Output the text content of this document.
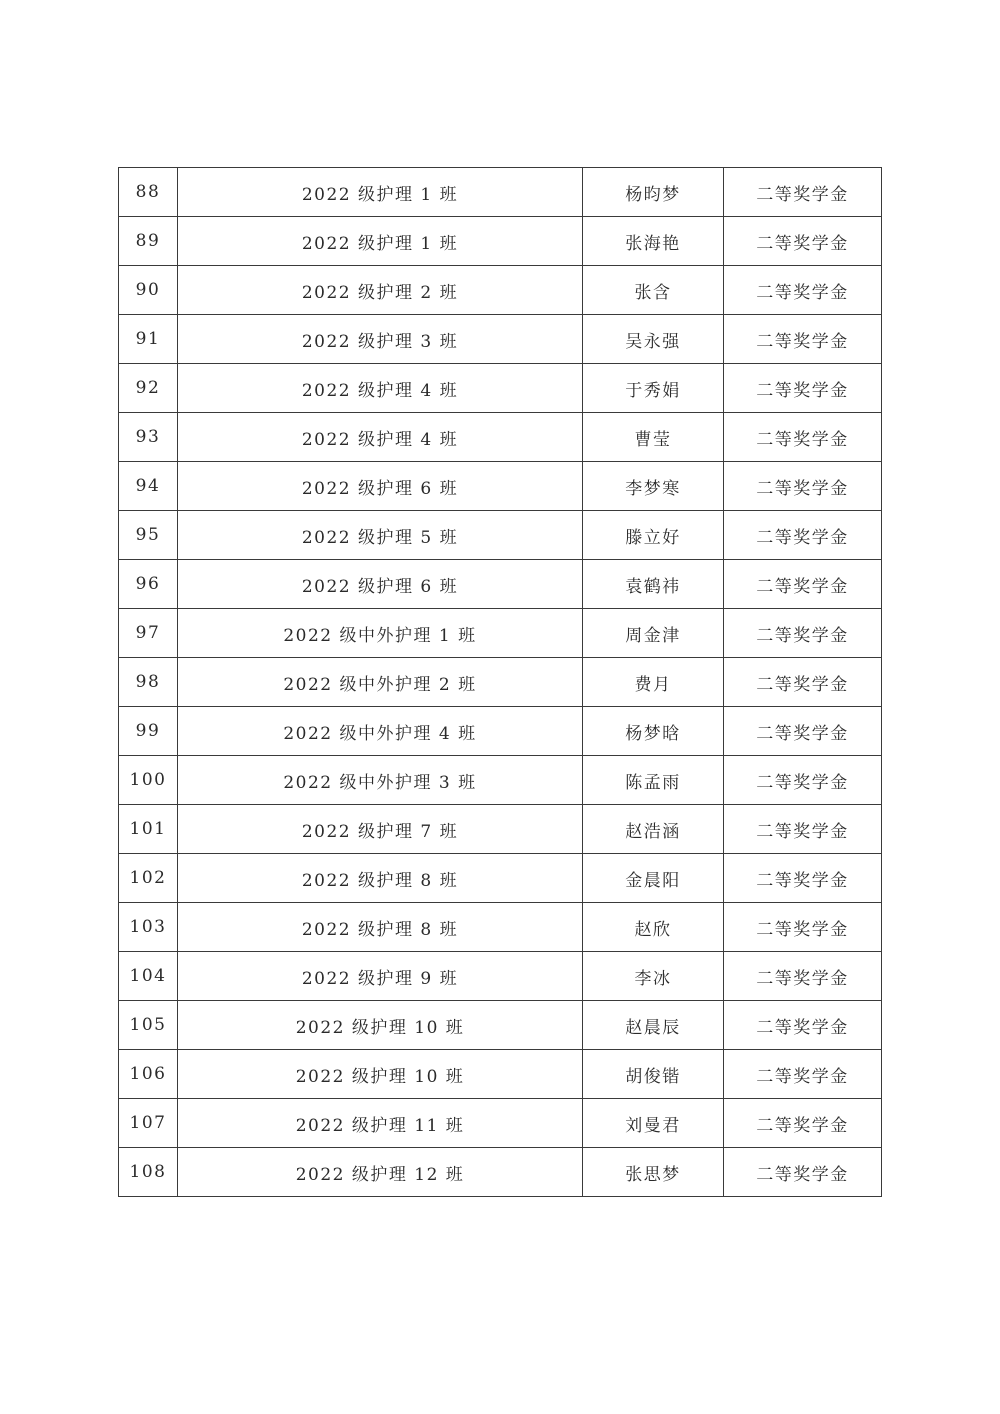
88	2022 级护理 1 班	杨昀梦	二等奖学金
89	2022 级护理 1 班	张海艳	二等奖学金
90	2022 级护理 2 班	张含	二等奖学金
91	2022 级护理 3 班	吴永强	二等奖学金
92	2022 级护理 4 班	于秀娟	二等奖学金
93	2022 级护理 4 班	曹莹	二等奖学金
94	2022 级护理 6 班	李梦寒	二等奖学金
95	2022 级护理 5 班	滕立好	二等奖学金
96	2022 级护理 6 班	袁鹤祎	二等奖学金
97	2022 级中外护理 1 班	周金津	二等奖学金
98	2022 级中外护理 2 班	费月	二等奖学金
99	2022 级中外护理 4 班	杨梦晗	二等奖学金
100	2022 级中外护理 3 班	陈孟雨	二等奖学金
101	2022 级护理 7 班	赵浩涵	二等奖学金
102	2022 级护理 8 班	金晨阳	二等奖学金
103	2022 级护理 8 班	赵欣	二等奖学金
104	2022 级护理 9 班	李冰	二等奖学金
105	2022 级护理 10 班	赵晨辰	二等奖学金
106	2022 级护理 10 班	胡俊锴	二等奖学金
107	2022 级护理 11 班	刘曼君	二等奖学金
108	2022 级护理 12 班	张思梦	二等奖学金
